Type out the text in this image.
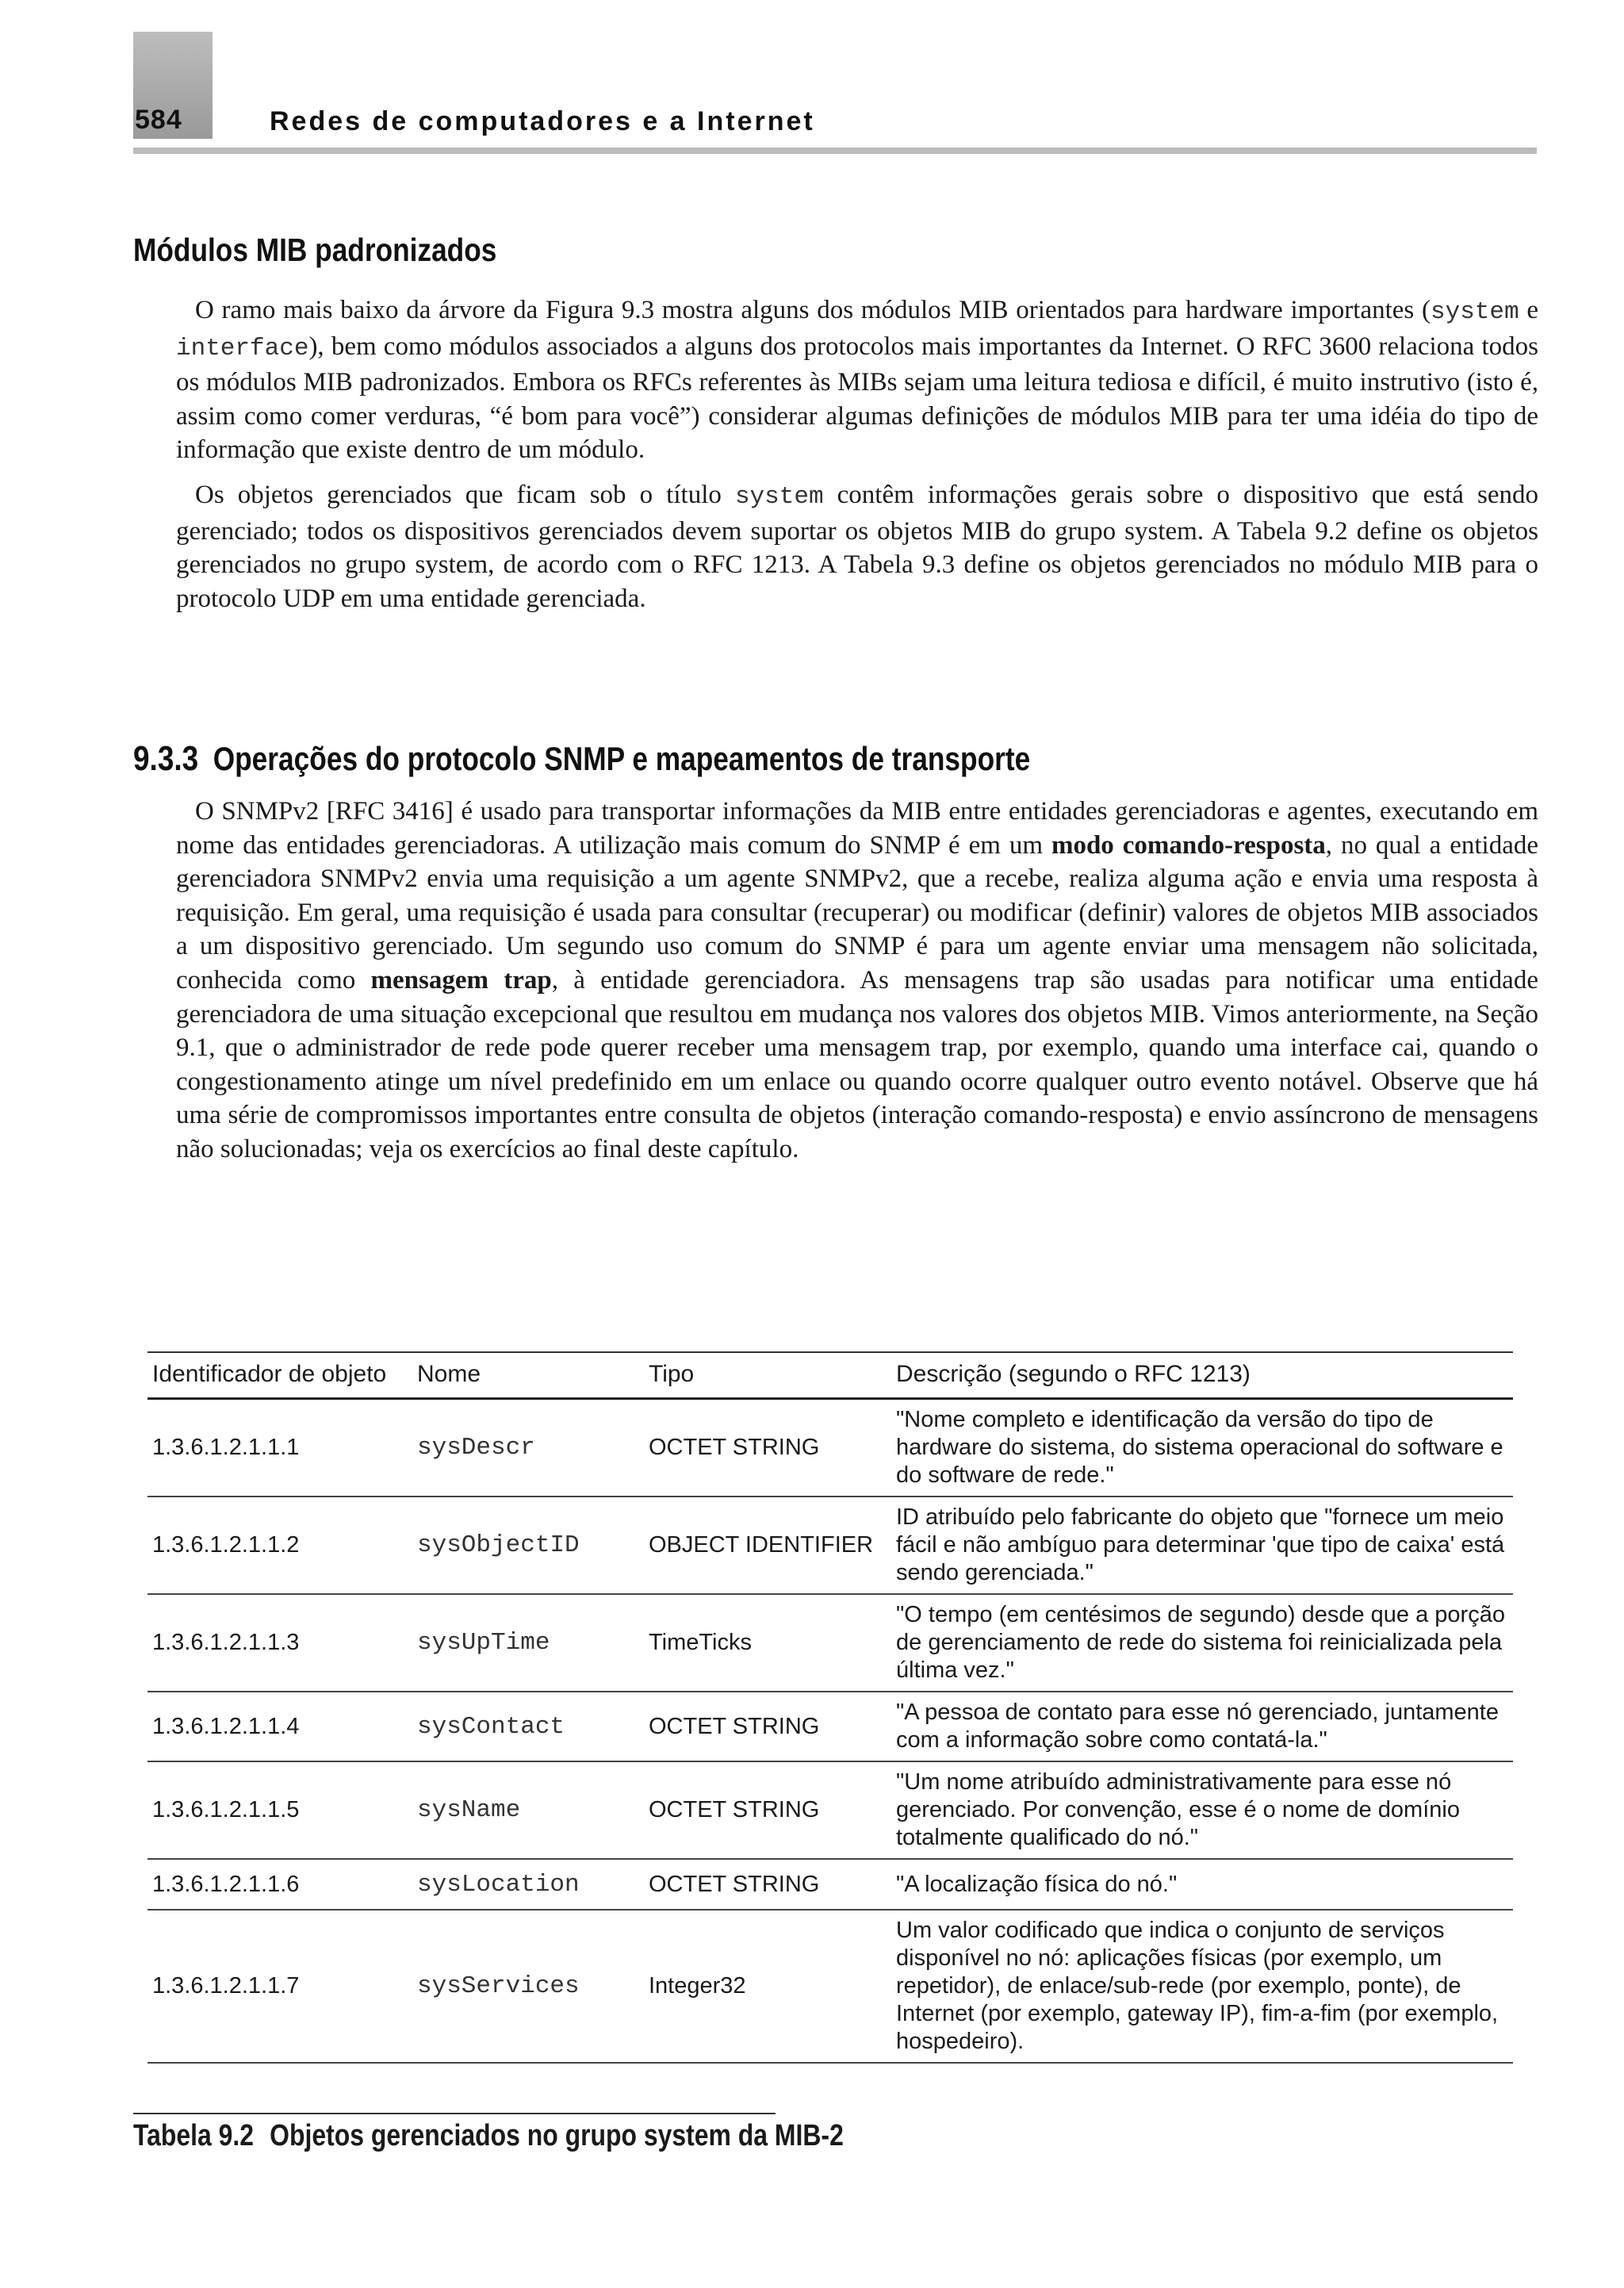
584	Redes de computadores e a Internet
Módulos MIB padronizados

O ramo mais baixo da árvore da Figura 9.3 mostra alguns dos módulos MIB orientados para hardware importantes (system e interface), bem como módulos associados a alguns dos protocolos mais importantes da Internet. O RFC 3600 relaciona todos os módulos MIB padronizados. Embora os RFCs referentes às MIBs sejam uma leitura tediosa e difícil, é muito instrutivo (isto é, assim como comer verduras, “é bom para você”) considerar algumas definições de módulos MIB para ter uma idéia do tipo de informação que existe dentro de um módulo.

Os objetos gerenciados que ficam sob o título system contêm informações gerais sobre o dispositivo que está sendo gerenciado; todos os dispositivos gerenciados devem suportar os objetos MIB do grupo system. A Tabela 9.2 define os objetos gerenciados no grupo system, de acordo com o RFC 1213. A Tabela 9.3 define os objetos gerenciados no módulo MIB para o protocolo UDP em uma entidade gerenciada.

9.3.3 Operações do protocolo SNMP e mapeamentos de transporte

O SNMPv2 [RFC 3416] é usado para transportar informações da MIB entre entidades gerenciadoras e agentes, executando em nome das entidades gerenciadoras. A utilização mais comum do SNMP é em um modo comando-resposta, no qual a entidade gerenciadora SNMPv2 envia uma requisição a um agente SNMPv2, que a recebe, realiza alguma ação e envia uma resposta à requisição. Em geral, uma requisição é usada para consultar (recuperar) ou modificar (definir) valores de objetos MIB associados a um dispositivo gerenciado. Um segundo uso comum do SNMP é para um agente enviar uma mensagem não solicitada, conhecida como mensagem trap, à entidade gerenciadora. As mensagens trap são usadas para notificar uma entidade gerenciadora de uma situação excepcional que resultou em mudança nos valores dos objetos MIB. Vimos anteriormente, na Seção 9.1, que o administrador de rede pode querer receber uma mensagem trap, por exemplo, quando uma interface cai, quando o congestionamento atinge um nível predefinido em um enlace ou quando ocorre qualquer outro evento notável. Observe que há uma série de compromissos importantes entre consulta de objetos (interação comando-resposta) e envio assíncrono de mensagens não solucionadas; veja os exercícios ao final deste capítulo.

Identificador de objeto	Nome	Tipo	Descrição (segundo o RFC 1213)
1.3.6.1.2.1.1.1	sysDescr	OCTET STRING	"Nome completo e identificação da versão do tipo de hardware do sistema, do sistema operacional do software e do software de rede."
1.3.6.1.2.1.1.2	sysObjectID	OBJECT IDENTIFIER	ID atribuído pelo fabricante do objeto que "fornece um meio fácil e não ambíguo para determinar 'que tipo de caixa' está sendo gerenciada."
1.3.6.1.2.1.1.3	sysUpTime	TimeTicks	"O tempo (em centésimos de segundo) desde que a porção de gerenciamento de rede do sistema foi reinicializada pela última vez."
1.3.6.1.2.1.1.4	sysContact	OCTET STRING	"A pessoa de contato para esse nó gerenciado, juntamente com a informação sobre como contatá-la."
1.3.6.1.2.1.1.5	sysName	OCTET STRING	"Um nome atribuído administrativamente para esse nó gerenciado. Por convenção, esse é o nome de domínio totalmente qualificado do nó."
1.3.6.1.2.1.1.6	sysLocation	OCTET STRING	"A localização física do nó."
1.3.6.1.2.1.1.7	sysServices	Integer32	Um valor codificado que indica o conjunto de serviços disponível no nó: aplicações físicas (por exemplo, um repetidor), de enlace/sub-rede (por exemplo, ponte), de Internet (por exemplo, gateway IP), fim-a-fim (por exemplo, hospedeiro).
Tabela 9.2 Objetos gerenciados no grupo system da MIB-2
